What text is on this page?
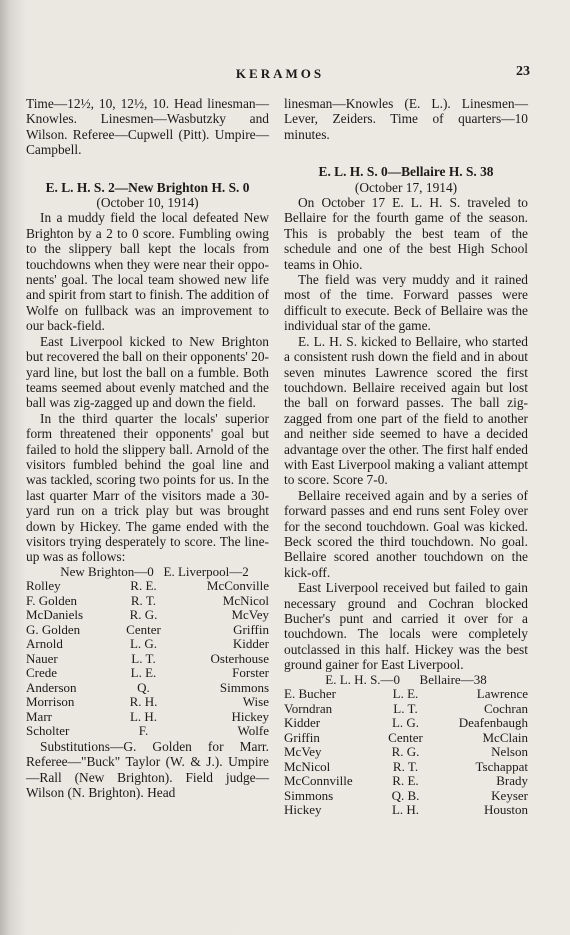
KERAMOS	23

Time—12½, 10, 12½, 10. Head linesman—Knowles. Linesmen—Wasbutzky and Wilson. Referee—Cupwell (Pitt). Umpire—Campbell.

E. L. H. S. 2—New Brighton H. S. 0
(October 10, 1914)

In a muddy field the local defeated New Brighton by a 2 to 0 score. Fumbling owing to the slippery ball kept the locals from touchdowns when they were near their opponents' goal. The local team showed new life and spirit from start to finish. The addition of Wolfe on fullback was an improvement to our back-field.

East Liverpool kicked to New Brighton but recovered the ball on their opponents' 20-yard line, but lost the ball on a fumble. Both teams seemed about evenly matched and the ball was zig-zagged up and down the field.

In the third quarter the locals' superior form threatened their opponents' goal but failed to hold the slippery ball. Arnold of the visitors fumbled behind the goal line and was tackled, scoring two points for us. In the last quarter Marr of the visitors made a 30-yard run on a trick play but was brought down by Hickey. The game ended with the visitors trying desperately to score. The line-up was as follows:

New Brighton—0 E. Liverpool—2		
Rolley	R. E.	McConville
F. Golden	R. T.	McNicol
McDaniels	R. G.	McVey
G. Golden	Center	Griffin
Arnold	L. G.	Kidder
Nauer	L. T.	Osterhouse
Crede	L. E.	Forster
Anderson	Q.	Simmons
Morrison	R. H.	Wise
Marr	L. H.	Hickey
Scholter	F.	Wolfe

Substitutions—G. Golden for Marr. Referee—"Buck" Taylor (W. & J.). Umpire—Rall (New Brighton). Field judge—Wilson (N. Brighton). Head

linesman—Knowles (E. L.). Linesmen—Lever, Zeiders. Time of quarters—10 minutes.

E. L. H. S. 0—Bellaire H. S. 38
(October 17, 1914)

On October 17 E. L. H. S. traveled to Bellaire for the fourth game of the season. This is probably the best team of the schedule and one of the best High School teams in Ohio.

The field was very muddy and it rained most of the time. Forward passes were difficult to execute. Beck of Bellaire was the individual star of the game.

E. L. H. S. kicked to Bellaire, who started a consistent rush down the field and in about seven minutes Lawrence scored the first touchdown. Bellaire received again but lost the ball on forward passes. The ball zig-zagged from one part of the field to another and neither side seemed to have a decided advantage over the other. The first half ended with East Liverpool making a valiant attempt to score. Score 7-0.

Bellaire received again and by a series of forward passes and end runs sent Foley over for the second touchdown. Goal was kicked. Beck scored the third touchdown. No goal. Bellaire scored another touchdown on the kick-off.

East Liverpool received but failed to gain necessary ground and Cochran blocked Bucher's punt and carried it over for a touchdown. The locals were completely outclassed in this half. Hickey was the best ground gainer for East Liverpool.

E. L. H. S.—0 Bellaire—38		
E. Bucher	L. E.	Lawrence
Vorndran	L. T.	Cochran
Kidder	L. G.	Deafenbaugh
Griffin	Center	McClain
McVey	R. G.	Nelson
McNicol	R. T.	Tschappat
McConnville	R. E.	Brady
Simmons	Q. B.	Keyser
Hickey	L. H.	Houston
